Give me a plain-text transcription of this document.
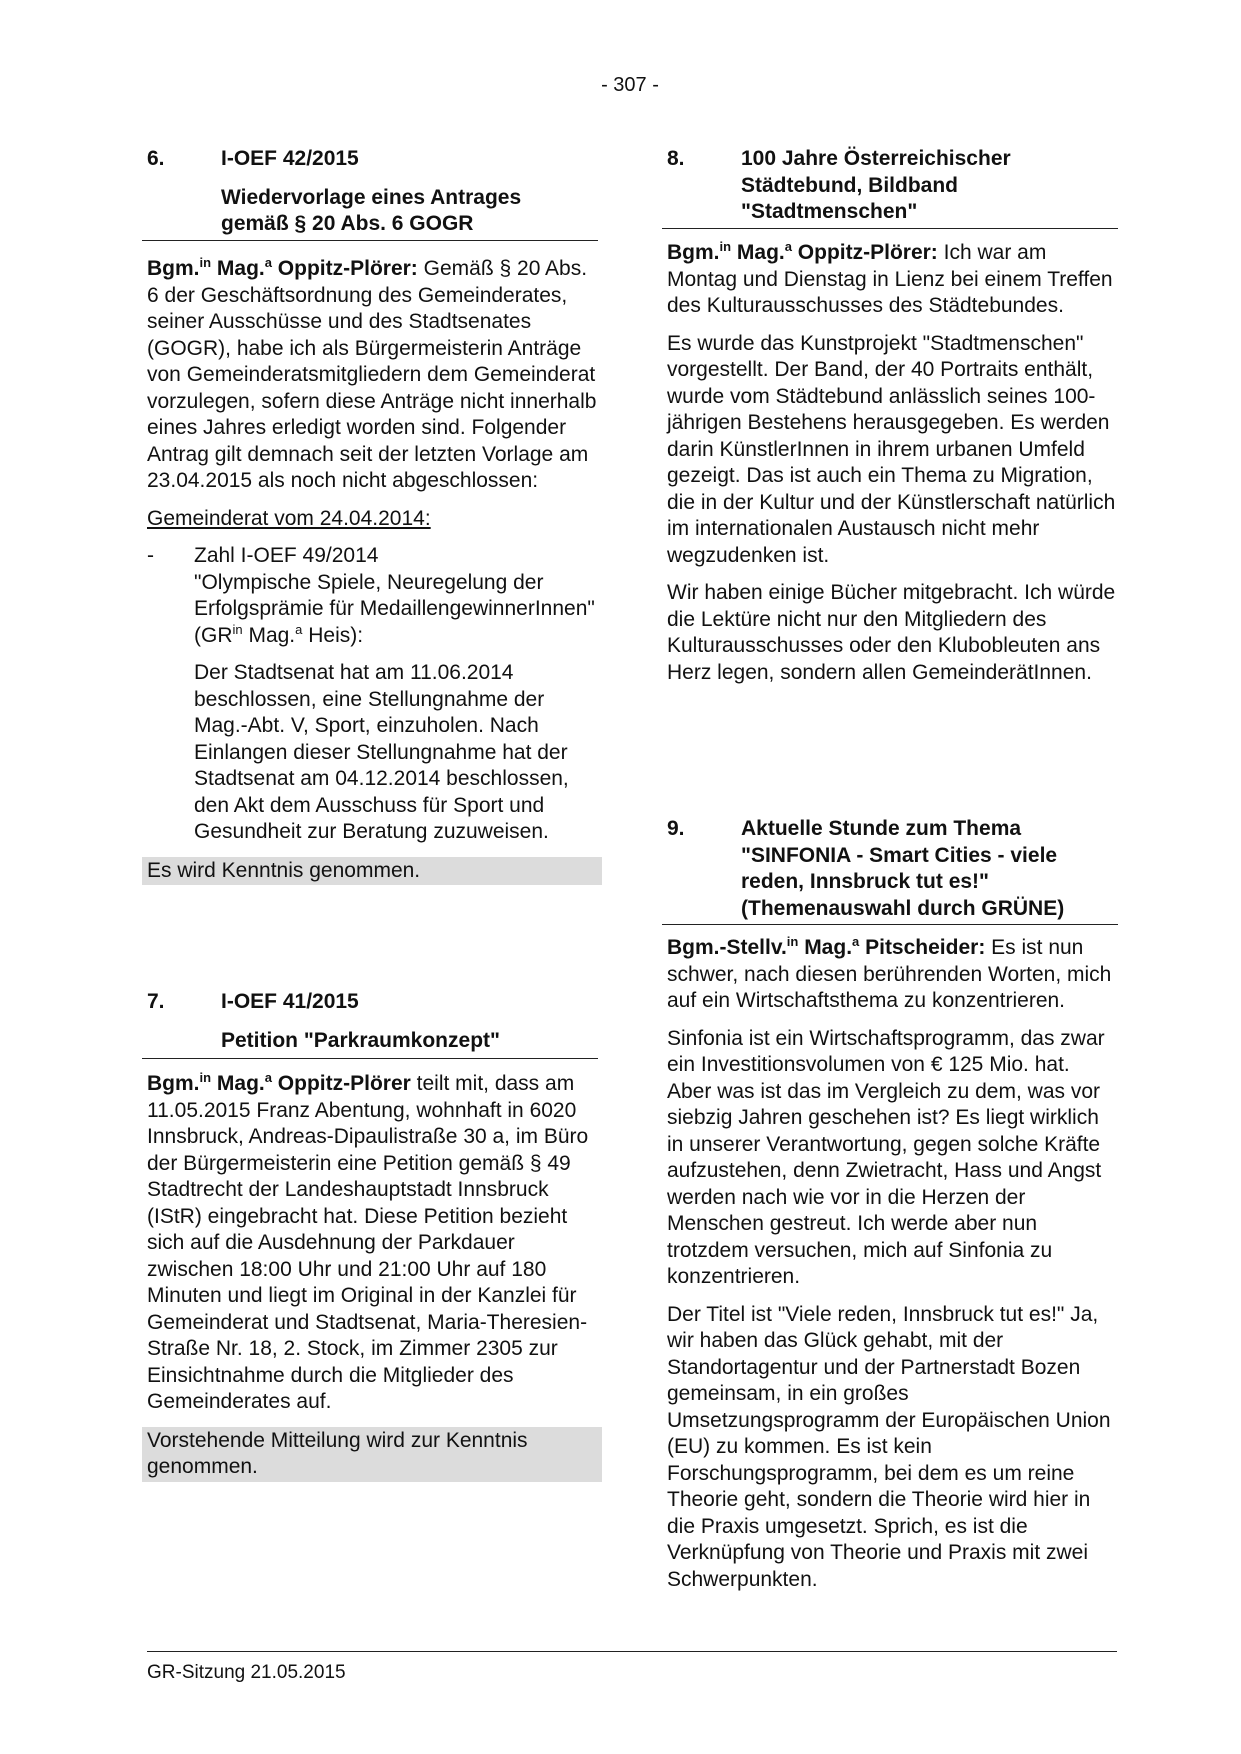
- 307 -
6.	I-OEF 42/2015
Wiedervorlage eines Antrages
gemäß § 20 Abs. 6 GOGR

Bgm.$^{in}$ Mag.$^a$ Oppitz-Plörer: Gemäß § 20 Abs. 6 der Geschäftsordnung des Gemeinderates, seiner Ausschüsse und des Stadtsenates (GOGR), habe ich als Bürgermeisterin Anträge von Gemeinderatsmitgliedern dem Gemeinderat vorzulegen, sofern diese Anträge nicht innerhalb eines Jahres erledigt worden sind. Folgender Antrag gilt demnach seit der letzten Vorlage am 23.04.2015 als noch nicht abgeschlossen:

Gemeinderat vom 24.04.2014:

-	Zahl I-OEF 49/2014

"Olympische Spiele, Neuregelung der Erfolgsprämie für MedaillengewinnerInnen" ($GR^{in}$ Mag.$^a$ Heis):

Der Stadtsenat hat am 11.06.2014 beschlossen, eine Stellungnahme der Mag.-Abt. V, Sport, einzuholen. Nach Einlangen dieser Stellungnahme hat der Stadtsenat am 04.12.2014 beschlossen, den Akt dem Ausschuss für Sport und Gesundheit zur Beratung zuzuweisen.

Es wird Kenntnis genommen.

7.	I-OEF 41/2015
Petition "Parkraumkonzept"

Bgm.$^{in}$ Mag.$^a$ Oppitz-Plörer teilt mit, dass am 11.05.2015 Franz Abentung, wohnhaft in 6020 Innsbruck, Andreas-Dipaulistraße 30 a, im Büro der Bürgermeisterin eine Petition gemäß § 49 Stadtrecht der Landeshauptstadt Innsbruck (IStR) eingebracht hat. Diese Petition bezieht sich auf die Ausdehnung der Parkdauer zwischen 18:00 Uhr und 21:00 Uhr auf 180 Minuten und liegt im Original in der Kanzlei für Gemeinderat und Stadtsenat, Maria-Theresien-Straße Nr. 18, 2. Stock, im Zimmer 2305 zur Einsichtnahme durch die Mitglieder des Gemeinderates auf.

Vorstehende Mitteilung wird zur Kenntnis genommen.

8.	100 Jahre Österreichischer Städtebund, Bildband "Stadtmenschen"

Bgm.$^{in}$ Mag.$^a$ Oppitz-Plörer: Ich war am Montag und Dienstag in Lienz bei einem Treffen des Kulturausschusses des Städtebundes.

Es wurde das Kunstprojekt "Stadtmenschen" vorgestellt. Der Band, der 40 Portraits enthält, wurde vom Städtebund anlässlich seines 100-jährigen Bestehens herausgegeben. Es werden darin KünstlerInnen in ihrem urbanen Umfeld gezeigt. Das ist auch ein Thema zu Migration, die in der Kultur und der Künstlerschaft natürlich im internationalen Austausch nicht mehr wegzudenken ist.

Wir haben einige Bücher mitgebracht. Ich würde die Lektüre nicht nur den Mitgliedern des Kulturausschusses oder den Klubobleuten ans Herz legen, sondern allen GemeinderätInnen.

9.	Aktuelle Stunde zum Thema "SINFONIA - Smart Cities - viele reden, Innsbruck tut es!" (Themenauswahl durch GRÜNE)

Bgm.-Stellv.$^{in}$ Mag.$^a$ Pitscheider: Es ist nun schwer, nach diesen berührenden Worten, mich auf ein Wirtschaftsthema zu konzentrieren.

Sinfonia ist ein Wirtschaftsprogramm, das zwar ein Investitionsvolumen von € 125 Mio. hat. Aber was ist das im Vergleich zu dem, was vor siebzig Jahren geschehen ist? Es liegt wirklich in unserer Verantwortung, gegen solche Kräfte aufzustehen, denn Zwietracht, Hass und Angst werden nach wie vor in die Herzen der Menschen gestreut. Ich werde aber nun trotzdem versuchen, mich auf Sinfonia zu konzentrieren.

Der Titel ist "Viele reden, Innsbruck tut es!" Ja, wir haben das Glück gehabt, mit der Standortagentur und der Partnerstadt Bozen gemeinsam, in ein großes Umsetzungsprogramm der Europäischen Union (EU) zu kommen. Es ist kein Forschungsprogramm, bei dem es um reine Theorie geht, sondern die Theorie wird hier in die Praxis umgesetzt. Sprich, es ist die Verknüpfung von Theorie und Praxis mit zwei Schwerpunkten.

GR-Sitzung 21.05.2015
